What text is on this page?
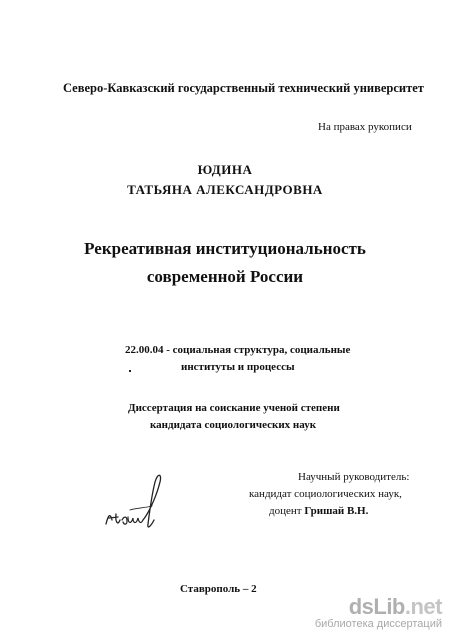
Северо-Кавказский государственный технический университет
На правах рукописи
ЮДИНА
ТАТЬЯНА АЛЕКСАНДРОВНА
Рекреативная институциональность
современной России
22.00.04 - социальная структура, социальные
институты и процессы
Диссертация на соискание ученой степени
кандидата социологических наук
Научный руководитель:
кандидат социологических наук,
доцент Гришай В.Н.
Ставрополь – 2
dsLib.net
библиотека диссертаций
